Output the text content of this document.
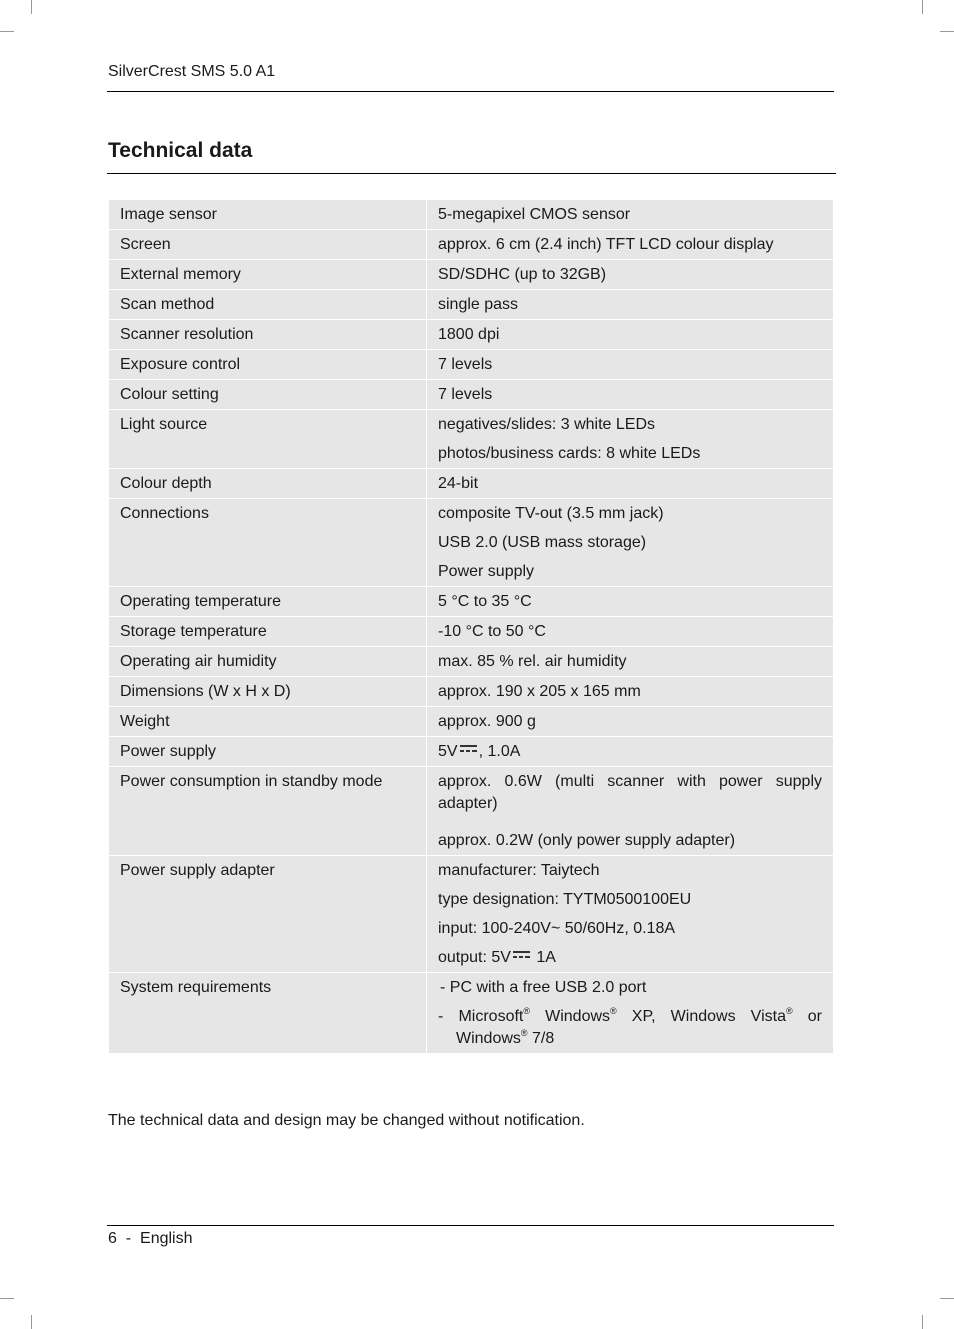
SilverCrest SMS 5.0 A1
Technical data
Image sensor	5-megapixel CMOS sensor

Screen	approx. 6 cm (2.4 inch) TFT LCD colour display

External memory	SD/SDHC (up to 32GB)

Scan method	single pass

Scanner resolution	1800 dpi

Exposure control	7 levels

Colour setting	7 levels

Light source	negatives/slides: 3 white LEDs
photos/business cards: 8 white LEDs

Colour depth	24-bit

Connections	composite TV-out (3.5 mm jack)
USB 2.0 (USB mass storage)
Power supply

Operating temperature	5 °C to 35 °C

Storage temperature	-10 °C to 50 °C

Operating air humidity	max. 85 % rel. air humidity

Dimensions (W x H x D)	approx. 190 x 205 x 165 mm

Weight	approx. 900 g

Power supply	5V , 1.0A

Power consumption in standby mode	approx. 0.6W (multi scanner with power supply adapter)
approx. 0.2W (only power supply adapter)

Power supply adapter	manufacturer: Taiytech
type designation: TYTM0500100EU
input: 100-240V~ 50/60Hz, 0.18A
output: 5V 1A

System requirements	- PC with a free USB 2.0 port
- Microsoft® Windows® XP, Windows Vista® or Windows® 7/8
The technical data and design may be changed without notification.
6 - English
